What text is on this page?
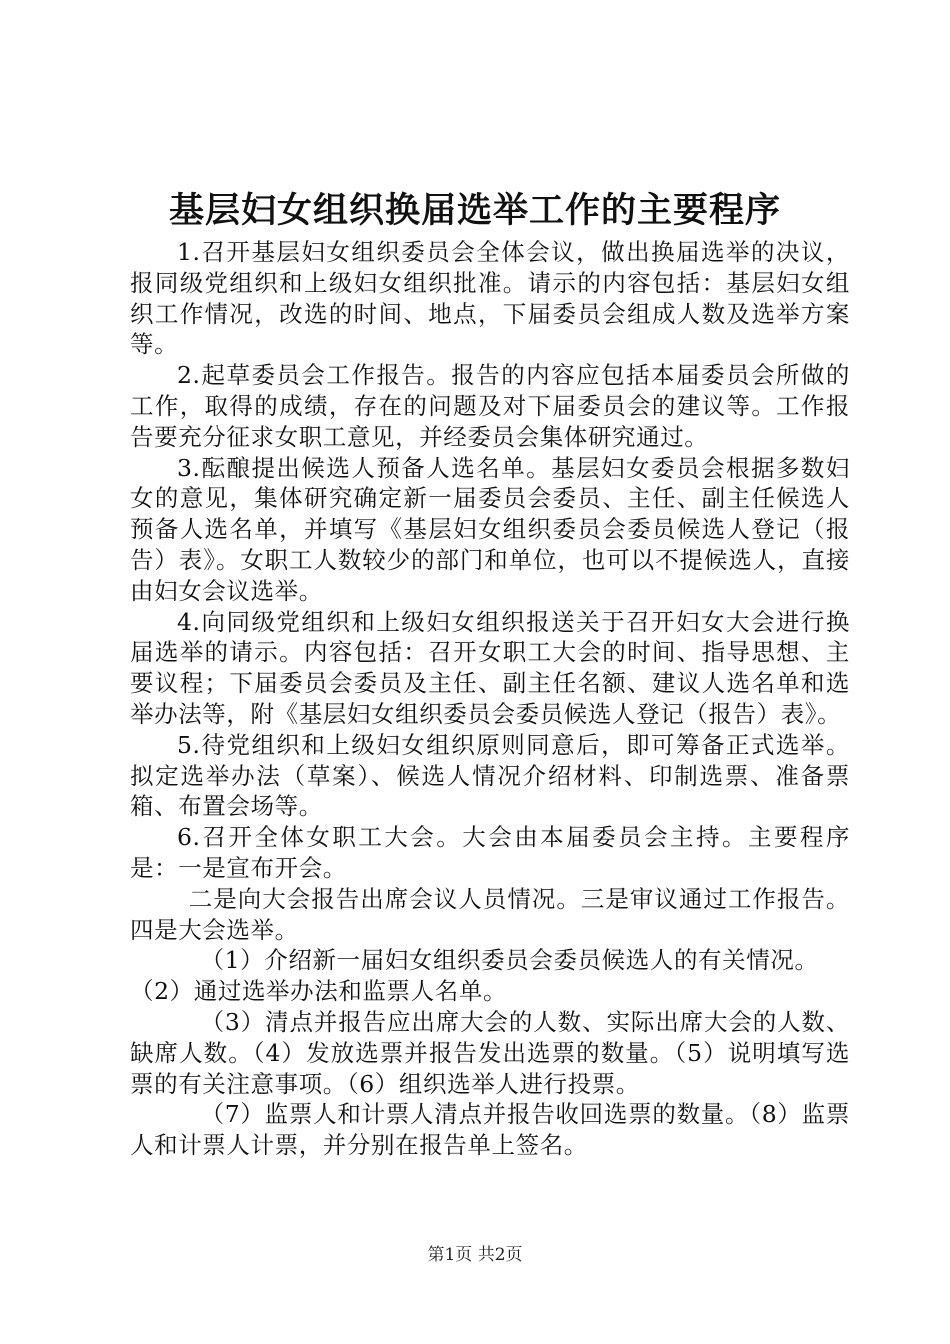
基层妇女组织换届选举工作的主要程序

1.召开基层妇女组织委员会全体会议，做出换届选举的决议，报同级党组织和上级妇女组织批准。请示的内容包括：基层妇女组织工作情况，改选的时间、地点，下届委员会组成人数及选举方案等。

2.起草委员会工作报告。报告的内容应包括本届委员会所做的工作，取得的成绩，存在的问题及对下届委员会的建议等。工作报告要充分征求女职工意见，并经委员会集体研究通过。

3.酝酿提出候选人预备人选名单。基层妇女委员会根据多数妇女的意见，集体研究确定新一届委员会委员、主任、副主任候选人预备人选名单，并填写《基层妇女组织委员会委员候选人登记（报告）表》。女职工人数较少的部门和单位，也可以不提候选人，直接由妇女会议选举。

4.向同级党组织和上级妇女组织报送关于召开妇女大会进行换届选举的请示。内容包括：召开女职工大会的时间、指导思想、主要议程；下届委员会委员及主任、副主任名额、建议人选名单和选举办法等，附《基层妇女组织委员会委员候选人登记（报告）表》。

5.待党组织和上级妇女组织原则同意后，即可筹备正式选举。拟定选举办法（草案）、候选人情况介绍材料、印制选票、准备票箱、布置会场等。

6.召开全体女职工大会。大会由本届委员会主持。主要程序是：一是宣布开会。

二是向大会报告出席会议人员情况。三是审议通过工作报告。四是大会选举。

（1）介绍新一届妇女组织委员会委员候选人的有关情况。

（2）通过选举办法和监票人名单。

（3）清点并报告应出席大会的人数、实际出席大会的人数、缺席人数。（4）发放选票并报告发出选票的数量。（5）说明填写选票的有关注意事项。（6）组织选举人进行投票。

（7）监票人和计票人清点并报告收回选票的数量。（8）监票人和计票人计票，并分别在报告单上签名。

第1页 共2页
